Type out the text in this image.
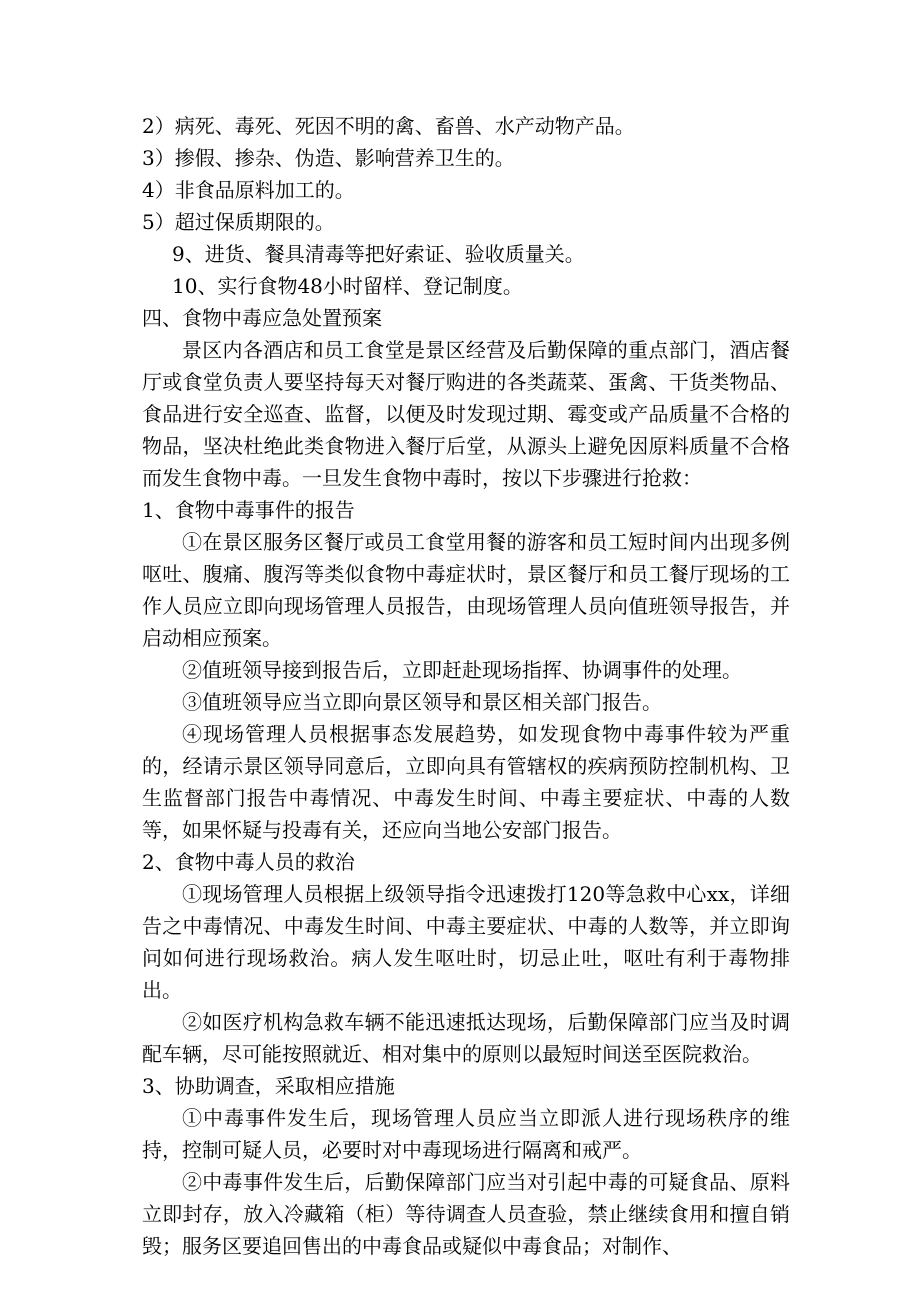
2）病死、毒死、死因不明的禽、畜兽、水产动物产品。

3）掺假、掺杂、伪造、影响营养卫生的。

4）非食品原料加工的。

5）超过保质期限的。

9、进货、餐具清毒等把好索证、验收质量关。

10、实行食物48小时留样、登记制度。

四、食物中毒应急处置预案

景区内各酒店和员工食堂是景区经营及后勤保障的重点部门，酒店餐厅或食堂负责人要坚持每天对餐厅购进的各类蔬菜、蛋禽、干货类物品、食品进行安全巡查、监督，以便及时发现过期、霉变或产品质量不合格的物品，坚决杜绝此类食物进入餐厅后堂，从源头上避免因原料质量不合格而发生食物中毒。一旦发生食物中毒时，按以下步骤进行抢救：

1、食物中毒事件的报告

①在景区服务区餐厅或员工食堂用餐的游客和员工短时间内出现多例呕吐、腹痛、腹泻等类似食物中毒症状时，景区餐厅和员工餐厅现场的工作人员应立即向现场管理人员报告，由现场管理人员向值班领导报告，并启动相应预案。

②值班领导接到报告后，立即赶赴现场指挥、协调事件的处理。

③值班领导应当立即向景区领导和景区相关部门报告。

④现场管理人员根据事态发展趋势，如发现食物中毒事件较为严重的，经请示景区领导同意后，立即向具有管辖权的疾病预防控制机构、卫生监督部门报告中毒情况、中毒发生时间、中毒主要症状、中毒的人数等，如果怀疑与投毒有关，还应向当地公安部门报告。

2、食物中毒人员的救治

①现场管理人员根据上级领导指令迅速拨打120等急救中心xx，详细告之中毒情况、中毒发生时间、中毒主要症状、中毒的人数等，并立即询问如何进行现场救治。病人发生呕吐时，切忌止吐，呕吐有利于毒物排出。

②如医疗机构急救车辆不能迅速抵达现场，后勤保障部门应当及时调配车辆，尽可能按照就近、相对集中的原则以最短时间送至医院救治。

3、协助调查，采取相应措施

①中毒事件发生后，现场管理人员应当立即派人进行现场秩序的维持，控制可疑人员，必要时对中毒现场进行隔离和戒严。

②中毒事件发生后，后勤保障部门应当对引起中毒的可疑食品、原料立即封存，放入冷藏箱（柜）等待调查人员查验，禁止继续食用和擅自销毁；服务区要追回售出的中毒食品或疑似中毒食品；对制作、
